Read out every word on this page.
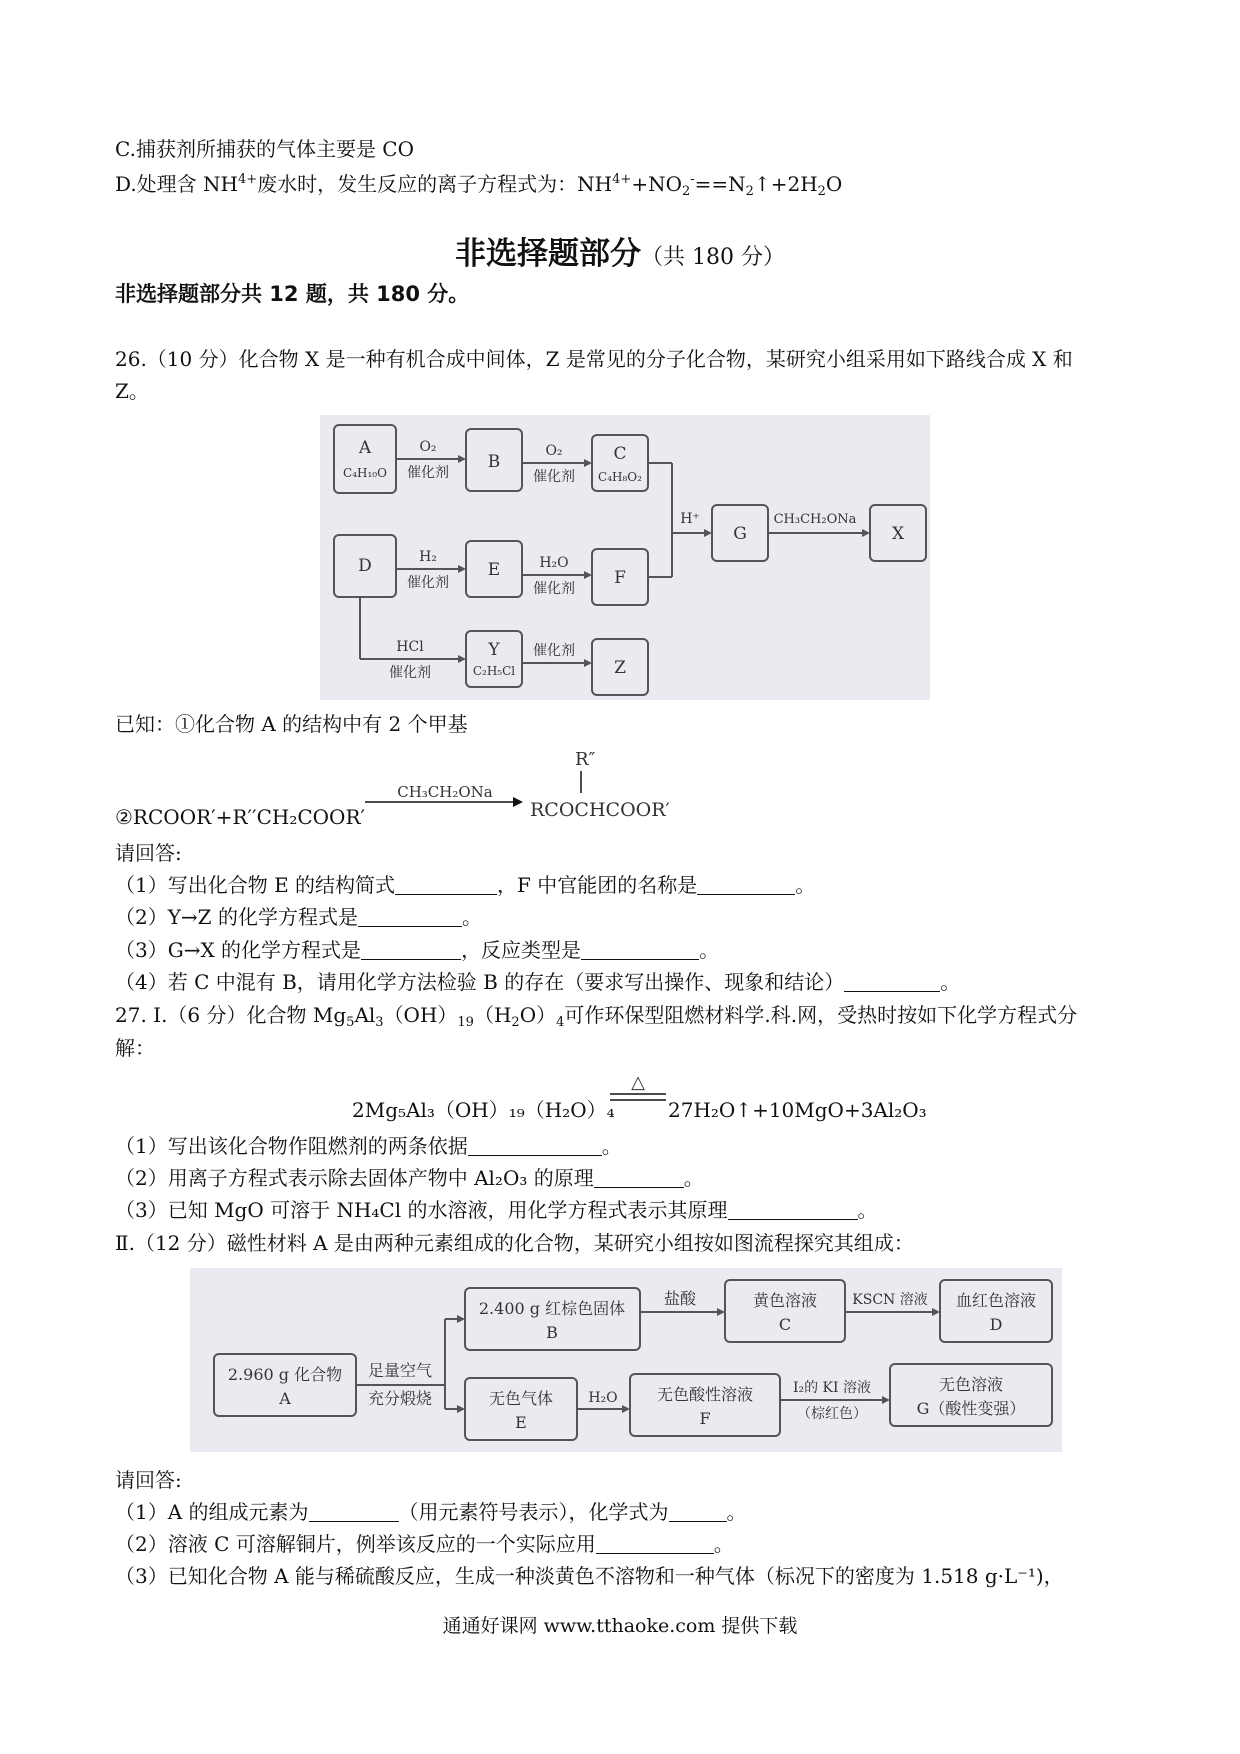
C.捕获剂所捕获的气体主要是 CO
D.处理含 $NH^{4+}$废水时，发生反应的离子方程式为：$NH^{4+}+NO_2^-==N_2↑+2H_2O$
非选择题部分（共 180 分）
非选择题部分共 12 题，共 180 分。
26.（10 分）化合物 X 是一种有机合成中间体，Z 是常见的分子化合物，某研究小组采用如下路线合成 X 和
Z。
A
C₄H₁₀O
B	C
C₄H₈O₂
G	X
D	E	F
Y
C₂H₅Cl	Z
O₂
催化剂
O₂
催化剂
H⁺	CH₃CH₂ONa
H₂
催化剂
H₂O
催化剂
HCl
催化剂
催化剂
已知：①化合物 A 的结构中有 2 个甲基
②RCOOR′+R′′CH₂COOR′
CH₃CH₂ONa
R″
RCOCHCOOR′
请回答:
（1）写出化合物 E 的结构简式	，F 中官能团的名称是	。
（2）Y→Z 的化学方程式是	。
（3）G→X 的化学方程式是	，反应类型是	。
（4）若 C 中混有 B，请用化学方法检验 B 的存在（要求写出操作、现象和结论）	。
27. Ⅰ.（6 分）化合物 $Mg_5Al_3(OH)_{19}(H_2O)_4$可作环保型阻燃材料学.科.网，受热时按如下化学方程式分
解：
2Mg₅Al₃（OH）₁₉（H₂O）₄
△
27H₂O↑+10MgO+3Al₂O₃
（1）写出该化合物作阻燃剂的两条依据	。
（2）用离子方程式表示除去固体产物中 Al₂O₃ 的原理	。
（3）已知 MgO 可溶于 NH₄Cl 的水溶液，用化学方程式表示其原理	。
Ⅱ.（12 分）磁性材料 A 是由两种元素组成的化合物，某研究小组按如图流程探究其组成：
2.960 g 化合物
A
足量空气
充分煅烧
2.400 g 红棕色固体
B
盐酸	黄色溶液
C
KSCN 溶液 血红色溶液
D
无色气体
E
H₂O 无色酸性溶液
F
I₂的 KI 溶液
（棕红色）
无色溶液
G（酸性变强）
请回答:
（1）A 的组成元素为	（用元素符号表示），化学式为	。
（2）溶液 C 可溶解铜片，例举该反应的一个实际应用	。
（3）已知化合物 A 能与稀硫酸反应，生成一种淡黄色不溶物和一种气体（标况下的密度为 1.518 g·L⁻¹)，
通通好课网 www.tthaoke.com 提供下载
